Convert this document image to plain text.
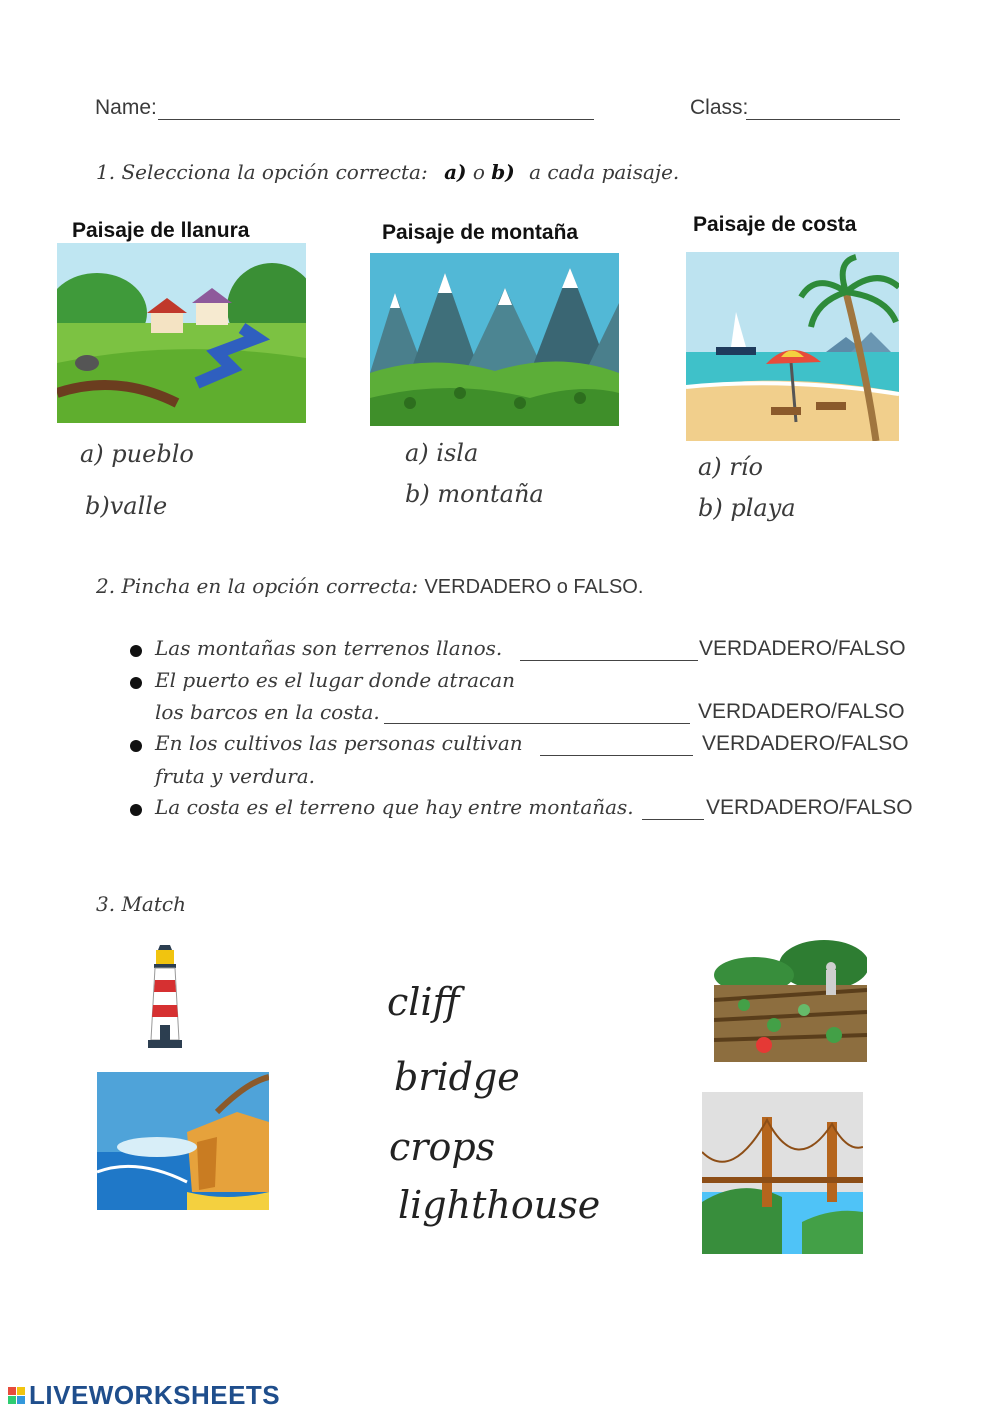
Name:	Class:
1. Selecciona la opción correcta: a) o b) a cada paisaje.
Paisaje de llanura
a) pueblo
b)valle
Paisaje de montaña
a) isla
b) montaña
Paisaje de costa
a) río
b) playa
2. Pincha en la opción correcta: VERDADERO o FALSO.
Las montañas son terrenos llanos.	VERDADERO/FALSO
El puerto es el lugar donde atracan
los barcos en la costa.	VERDADERO/FALSO
En los cultivos las personas cultivan	VERDADERO/FALSO
fruta y verdura.
La costa es el terreno que hay entre montañas.	VERDADERO/FALSO
3. Match
cliff
bridge
crops
lighthouse
LIVEWORKSHEETS
